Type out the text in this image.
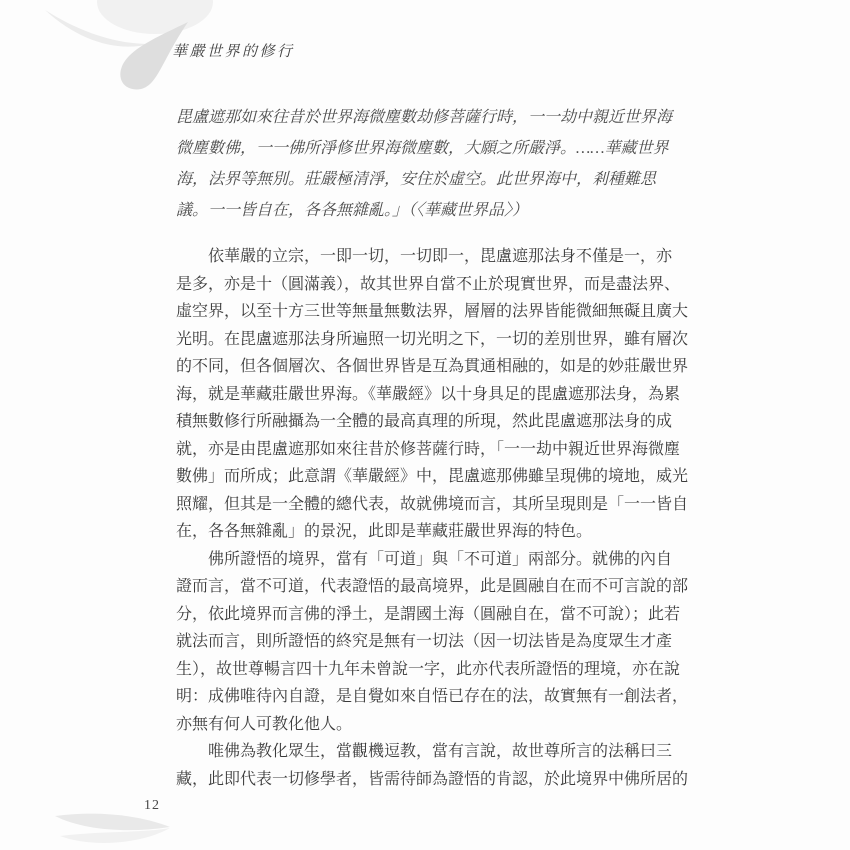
華嚴世界的修行
毘盧遮那如來往昔於世界海微塵數劫修菩薩行時，一一劫中親近世界海
微塵數佛，一一佛所淨修世界海微塵數，大願之所嚴淨。……華藏世界
海，法界等無別。莊嚴極清淨，安住於虛空。此世界海中，剎種難思
議。一一皆自在，各各無雜亂。」（〈華藏世界品〉）
依華嚴的立宗，一即一切，一切即一，毘盧遮那法身不僅是一，亦
是多，亦是十（圓滿義），故其世界自當不止於現實世界，而是盡法界、
虛空界，以至十方三世等無量無數法界，層層的法界皆能微細無礙且廣大
光明。在毘盧遮那法身所遍照一切光明之下，一切的差別世界，雖有層次
的不同，但各個層次、各個世界皆是互為貫通相融的，如是的妙莊嚴世界
海，就是華藏莊嚴世界海。《華嚴經》以十身具足的毘盧遮那法身，為累
積無數修行所融攝為一全體的最高真理的所現，然此毘盧遮那法身的成
就，亦是由毘盧遮那如來往昔於修菩薩行時，「一一劫中親近世界海微塵
數佛」而所成；此意謂《華嚴經》中，毘盧遮那佛雖呈現佛的境地，威光
照耀，但其是一全體的總代表，故就佛境而言，其所呈現則是「一一皆自
在，各各無雜亂」的景況，此即是華藏莊嚴世界海的特色。
佛所證悟的境界，當有「可道」與「不可道」兩部分。就佛的內自
證而言，當不可道，代表證悟的最高境界，此是圓融自在而不可言說的部
分，依此境界而言佛的淨土，是謂國土海（圓融自在，當不可說）；此若
就法而言，則所證悟的終究是無有一切法（因一切法皆是為度眾生才產
生），故世尊暢言四十九年未曾說一字，此亦代表所證悟的理境，亦在說
明：成佛唯待內自證，是自覺如來自悟已存在的法，故實無有一創法者，
亦無有何人可教化他人。
唯佛為教化眾生，當觀機逗教，當有言說，故世尊所言的法稱曰三
藏，此即代表一切修學者，皆需待師為證悟的肯認，於此境界中佛所居的
12
